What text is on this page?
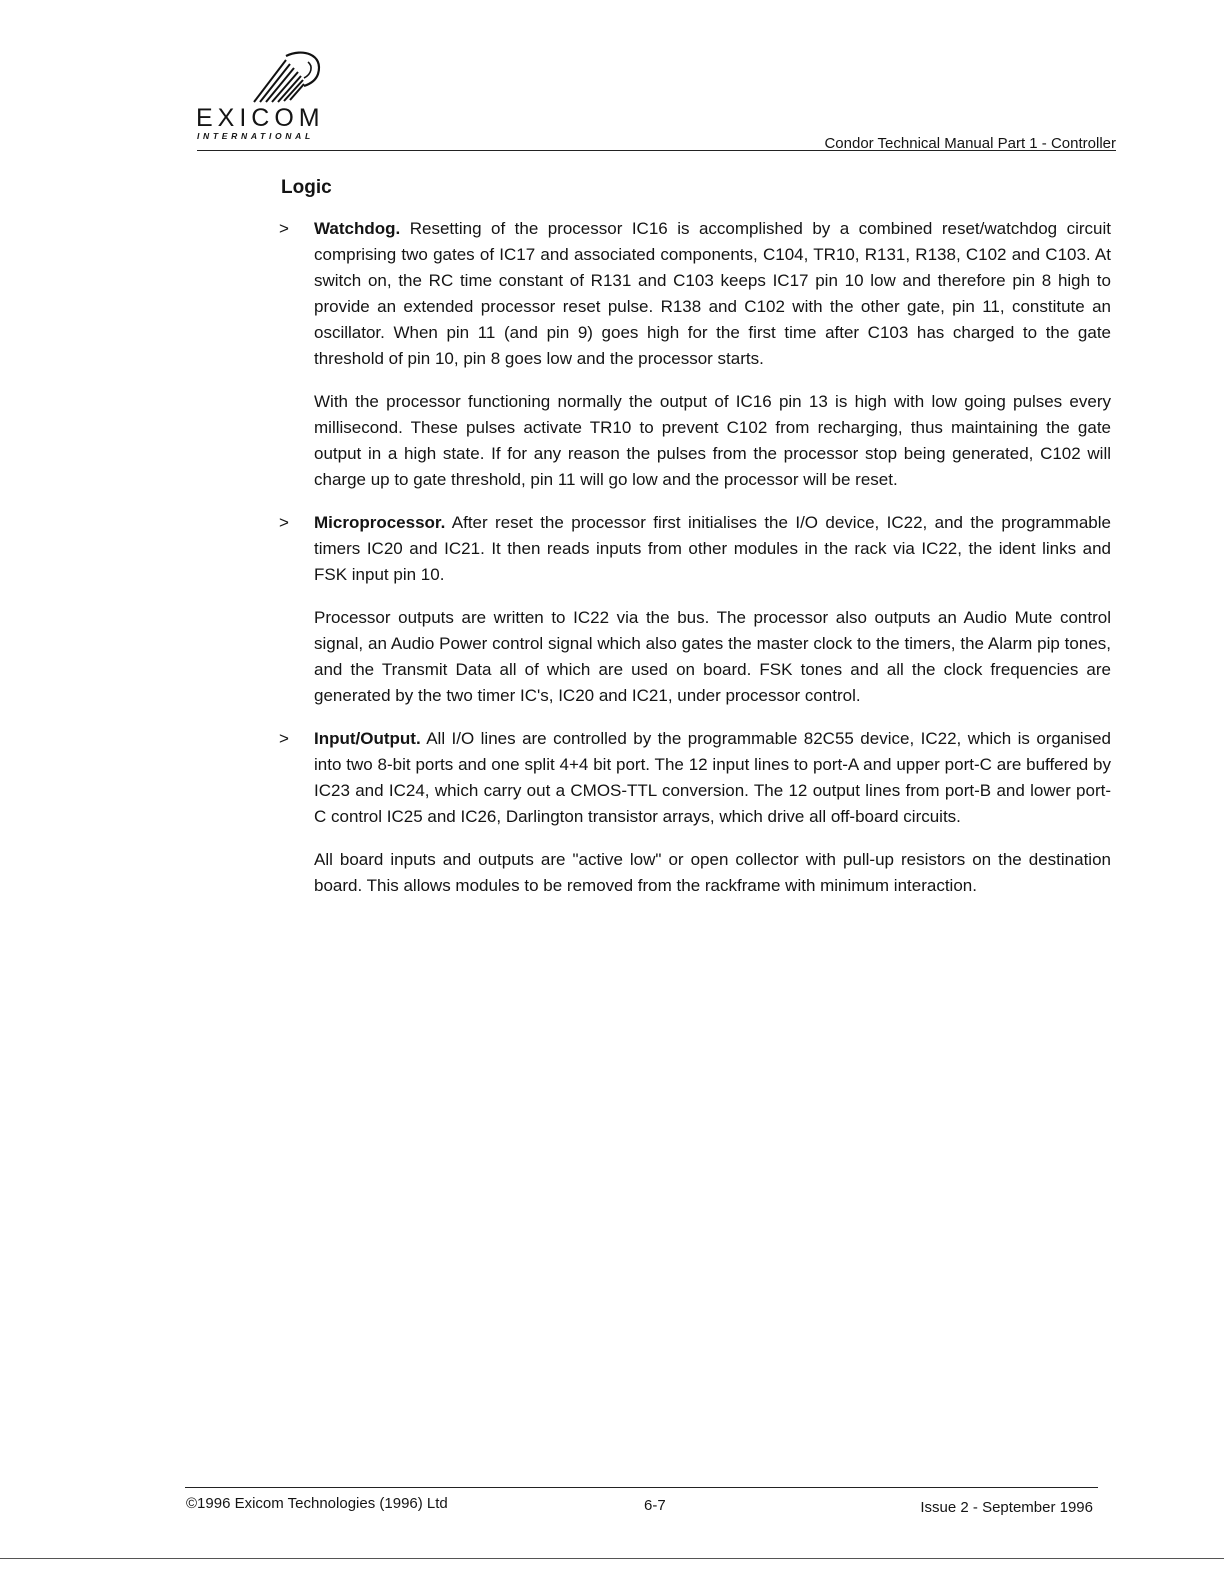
EXICOM
INTERNATIONAL	Condor Technical Manual Part 1 - Controller
Logic
> Watchdog. Resetting of the processor IC16 is accomplished by a combined reset/watchdog circuit comprising two gates of IC17 and associated components, C104, TR10, R131, R138, C102 and C103. At switch on, the RC time constant of R131 and C103 keeps IC17 pin 10 low and therefore pin 8 high to provide an extended processor reset pulse. R138 and C102 with the other gate, pin 11, constitute an oscillator. When pin 11 (and pin 9) goes high for the first time after C103 has charged to the gate threshold of pin 10, pin 8 goes low and the processor starts.

With the processor functioning normally the output of IC16 pin 13 is high with low going pulses every millisecond. These pulses activate TR10 to prevent C102 from recharging, thus maintaining the gate output in a high state. If for any reason the pulses from the processor stop being generated, C102 will charge up to gate threshold, pin 11 will go low and the processor will be reset.

> Microprocessor. After reset the processor first initialises the I/O device, IC22, and the programmable timers IC20 and IC21. It then reads inputs from other modules in the rack via IC22, the ident links and FSK input pin 10.

Processor outputs are written to IC22 via the bus. The processor also outputs an Audio Mute control signal, an Audio Power control signal which also gates the master clock to the timers, the Alarm pip tones, and the Transmit Data all of which are used on board. FSK tones and all the clock frequencies are generated by the two timer IC's, IC20 and IC21, under processor control.

> Input/Output. All I/O lines are controlled by the programmable 82C55 device, IC22, which is organised into two 8-bit ports and one split 4+4 bit port. The 12 input lines to port-A and upper port-C are buffered by IC23 and IC24, which carry out a CMOS-TTL conversion. The 12 output lines from port-B and lower port-C control IC25 and IC26, Darlington transistor arrays, which drive all off-board circuits.

All board inputs and outputs are "active low" or open collector with pull-up resistors on the destination board. This allows modules to be removed from the rackframe with minimum interaction.

©1996 Exicom Technologies (1996) Ltd	6-7	Issue 2 - September 1996
